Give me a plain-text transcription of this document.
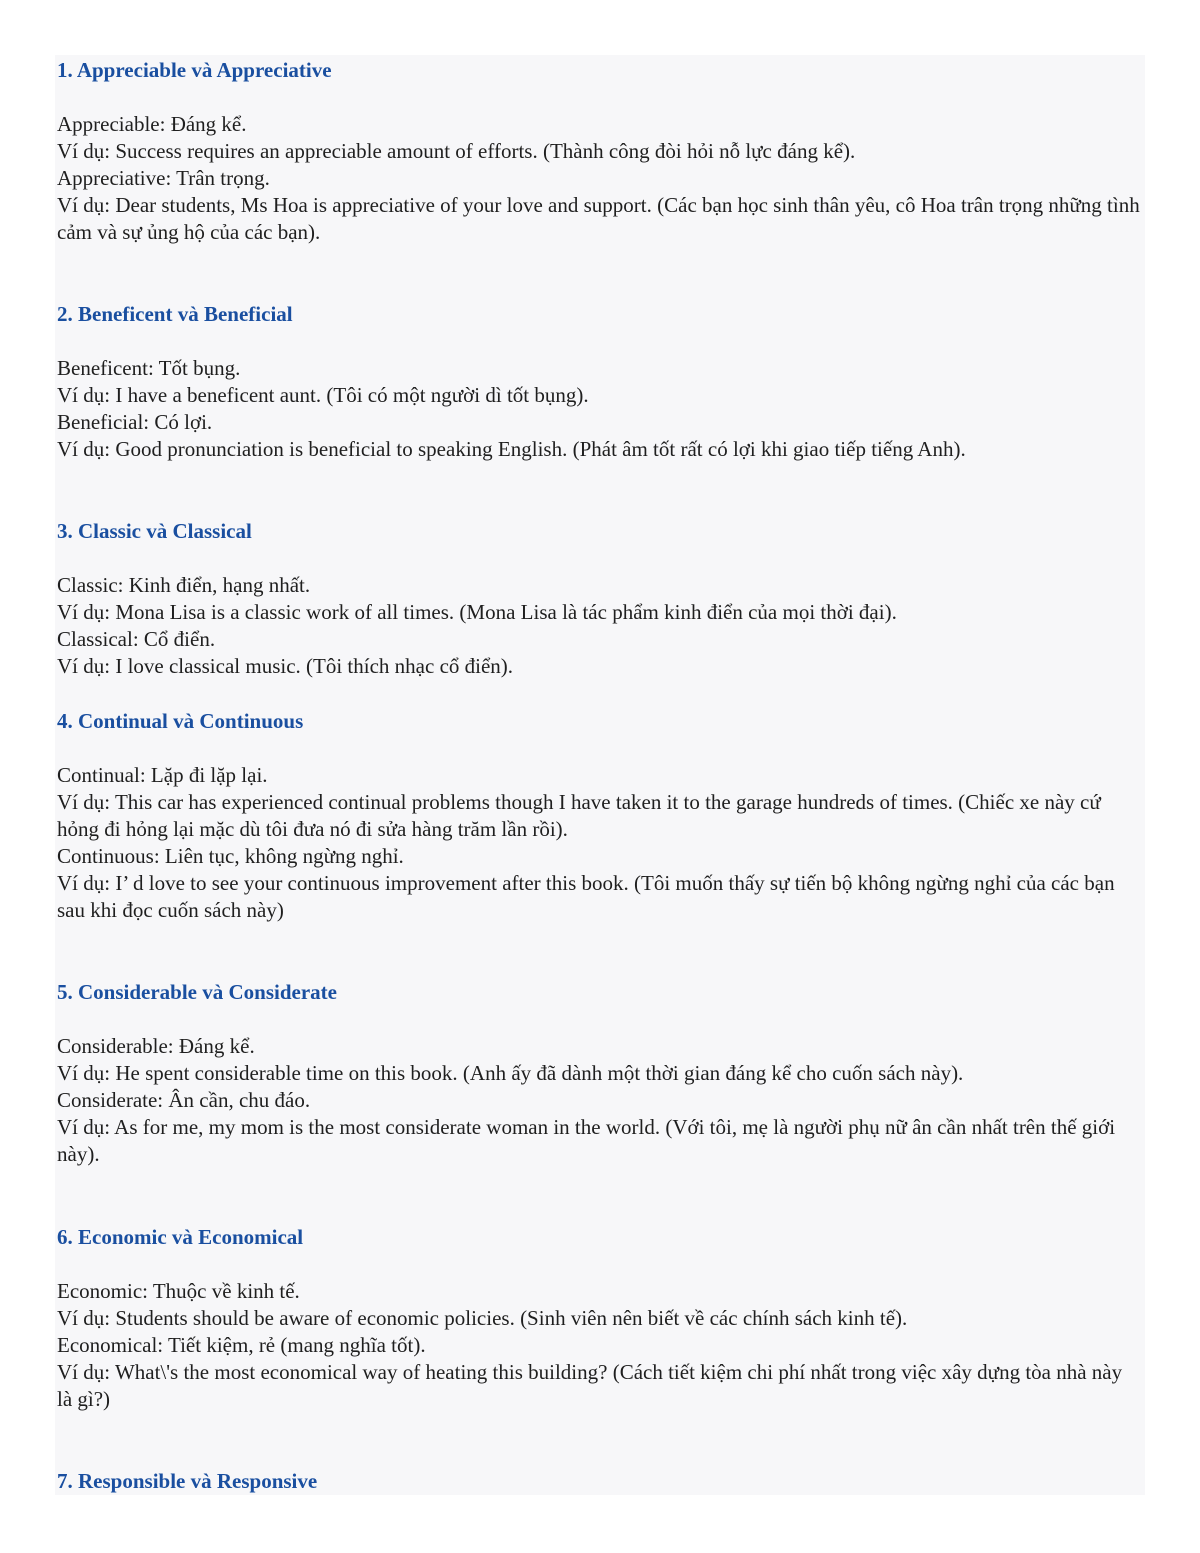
1. Appreciable và Appreciative
Appreciable: Đáng kể.
Ví dụ: Success requires an appreciable amount of efforts. (Thành công đòi hỏi nỗ lực đáng kể).
Appreciative: Trân trọng.
Ví dụ: Dear students, Ms Hoa is appreciative of your love and support. (Các bạn học sinh thân yêu, cô Hoa trân trọng những tình cảm và sự ủng hộ của các bạn).
2. Beneficent và Beneficial
Beneficent: Tốt bụng.
Ví dụ: I have a beneficent aunt. (Tôi có một người dì tốt bụng).
Beneficial: Có lợi.
Ví dụ: Good pronunciation is beneficial to speaking English. (Phát âm tốt rất có lợi khi giao tiếp tiếng Anh).
3. Classic và Classical
Classic: Kinh điển, hạng nhất.
Ví dụ: Mona Lisa is a classic work of all times. (Mona Lisa là tác phẩm kinh điển của mọi thời đại).
Classical: Cổ điển.
Ví dụ: I love classical music. (Tôi thích nhạc cổ điển).
4. Continual và Continuous
Continual: Lặp đi lặp lại.
Ví dụ: This car has experienced continual problems though I have taken it to the garage hundreds of times. (Chiếc xe này cứ hỏng đi hỏng lại mặc dù tôi đưa nó đi sửa hàng trăm lần rồi).
Continuous: Liên tục, không ngừng nghỉ.
Ví dụ: I’ d love to see your continuous improvement after this book. (Tôi muốn thấy sự tiến bộ không ngừng nghỉ của các bạn sau khi đọc cuốn sách này)
5. Considerable và Considerate
Considerable: Đáng kể.
Ví dụ: He spent considerable time on this book. (Anh ấy đã dành một thời gian đáng kể cho cuốn sách này).
Considerate: Ân cần, chu đáo.
Ví dụ: As for me, my mom is the most considerate woman in the world. (Với tôi, mẹ là người phụ nữ ân cần nhất trên thế giới này).
6. Economic và Economical
Economic: Thuộc về kinh tế.
Ví dụ: Students should be aware of economic policies. (Sinh viên nên biết về các chính sách kinh tế).
Economical: Tiết kiệm, rẻ (mang nghĩa tốt).
Ví dụ: What\'s the most economical way of heating this building? (Cách tiết kiệm chi phí nhất trong việc xây dựng tòa nhà này là gì?)
7. Responsible và Responsive
